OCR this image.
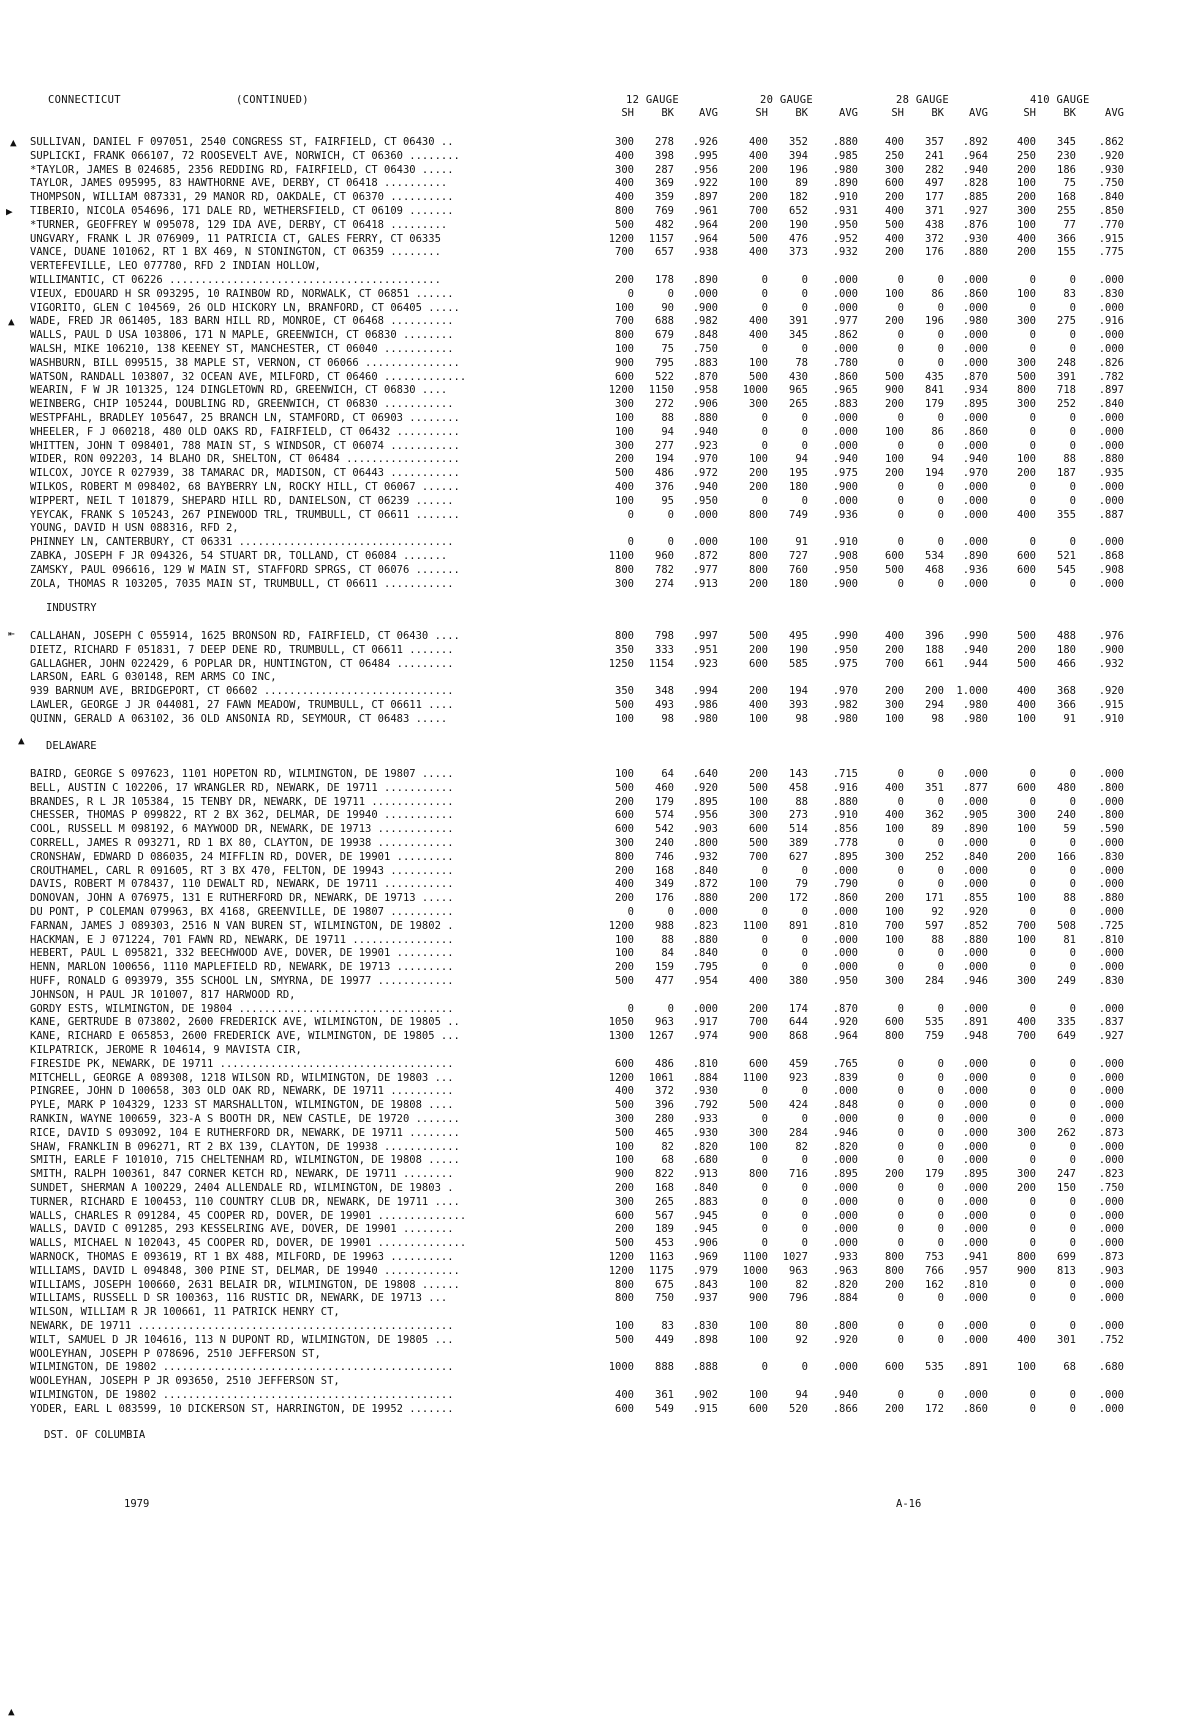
CONNECTICUT	(CONTINUED)	12 GAUGE	20 GAUGE	28 GAUGE	410 GAUGE
SH	BK	AVG	SH	BK	AVG	SH	BK	AVG	SH	BK	AVG
SULLIVAN, DANIEL F 097051, 2540 CONGRESS ST, FAIRFIELD, CT 06430 ..	300	278	.926	400	352	.880	400	357	.892	400	345	.862
SUPLICKI, FRANK 066107, 72 ROOSEVELT AVE, NORWICH, CT 06360 ........	400	398	.995	400	394	.985	250	241	.964	250	230	.920
*TAYLOR, JAMES B 024685, 2356 REDDING RD, FAIRFIELD, CT 06430 .....	300	287	.956	200	196	.980	300	282	.940	200	186	.930
TAYLOR, JAMES 095995, 83 HAWTHORNE AVE, DERBY, CT 06418 ..........	400	369	.922	100	89	.890	600	497	.828	100	75	.750
THOMPSON, WILLIAM 087331, 29 MANOR RD, OAKDALE, CT 06370 ..........	400	359	.897	200	182	.910	200	177	.885	200	168	.840
TIBERIO, NICOLA 054696, 171 DALE RD, WETHERSFIELD, CT 06109 .......	800	769	.961	700	652	.931	400	371	.927	300	255	.850
*TURNER, GEOFFREY W 095078, 129 IDA AVE, DERBY, CT 06418 .........	500	482	.964	200	190	.950	500	438	.876	100	77	.770
UNGVARY, FRANK L JR 076909, 11 PATRICIA CT, GALES FERRY, CT 06335	1200	1157	.964	500	476	.952	400	372	.930	400	366	.915
VANCE, DUANE 101062, RT 1 BX 469, N STONINGTON, CT 06359 ........	700	657	.938	400	373	.932	200	176	.880	200	155	.775
VERTEFEVILLE, LEO 077780, RFD 2 INDIAN HOLLOW,
WILLIMANTIC, CT 06226 ...........................................	200	178	.890	0	0	.000	0	0	.000	0	0	.000
VIEUX, EDOUARD H SR 093295, 10 RAINBOW RD, NORWALK, CT 06851 ......	0	0	.000	0	0	.000	100	86	.860	100	83	.830
VIGORITO, GLEN C 104569, 26 OLD HICKORY LN, BRANFORD, CT 06405 .....	100	90	.900	0	0	.000	0	0	.000	0	0	.000
WADE, FRED JR 061405, 183 BARN HILL RD, MONROE, CT 06468 ..........	700	688	.982	400	391	.977	200	196	.980	300	275	.916
WALLS, PAUL D USA 103806, 171 N MAPLE, GREENWICH, CT 06830 ........	800	679	.848	400	345	.862	0	0	.000	0	0	.000
WALSH, MIKE 106210, 138 KEENEY ST, MANCHESTER, CT 06040 ...........	100	75	.750	0	0	.000	0	0	.000	0	0	.000
WASHBURN, BILL 099515, 38 MAPLE ST, VERNON, CT 06066 ...............	900	795	.883	100	78	.780	0	0	.000	300	248	.826
WATSON, RANDALL 103807, 32 OCEAN AVE, MILFORD, CT 06460 .............	600	522	.870	500	430	.860	500	435	.870	500	391	.782
WEARIN, F W JR 101325, 124 DINGLETOWN RD, GREENWICH, CT 06830 ....	1200	1150	.958	1000	965	.965	900	841	.934	800	718	.897
WEINBERG, CHIP 105244, DOUBLING RD, GREENWICH, CT 06830 ...........	300	272	.906	300	265	.883	200	179	.895	300	252	.840
WESTPFAHL, BRADLEY 105647, 25 BRANCH LN, STAMFORD, CT 06903 ........	100	88	.880	0	0	.000	0	0	.000	0	0	.000
WHEELER, F J 060218, 480 OLD OAKS RD, FAIRFIELD, CT 06432 ..........	100	94	.940	0	0	.000	100	86	.860	0	0	.000
WHITTEN, JOHN T 098401, 788 MAIN ST, S WINDSOR, CT 06074 ...........	300	277	.923	0	0	.000	0	0	.000	0	0	.000
WIDER, RON 092203, 14 BLAHO DR, SHELTON, CT 06484 ..................	200	194	.970	100	94	.940	100	94	.940	100	88	.880
WILCOX, JOYCE R 027939, 38 TAMARAC DR, MADISON, CT 06443 ...........	500	486	.972	200	195	.975	200	194	.970	200	187	.935
WILKOS, ROBERT M 098402, 68 BAYBERRY LN, ROCKY HILL, CT 06067 ......	400	376	.940	200	180	.900	0	0	.000	0	0	.000
WIPPERT, NEIL T 101879, SHEPARD HILL RD, DANIELSON, CT 06239 ......	100	95	.950	0	0	.000	0	0	.000	0	0	.000
YEYCAK, FRANK S 105243, 267 PINEWOOD TRL, TRUMBULL, CT 06611 .......	0	0	.000	800	749	.936	0	0	.000	400	355	.887
YOUNG, DAVID H USN 088316, RFD 2,
PHINNEY LN, CANTERBURY, CT 06331 ..................................	0	0	.000	100	91	.910	0	0	.000	0	0	.000
ZABKA, JOSEPH F JR 094326, 54 STUART DR, TOLLAND, CT 06084 .......	1100	960	.872	800	727	.908	600	534	.890	600	521	.868
ZAMSKY, PAUL 096616, 129 W MAIN ST, STAFFORD SPRGS, CT 06076 .......	800	782	.977	800	760	.950	500	468	.936	600	545	.908
ZOLA, THOMAS R 103205, 7035 MAIN ST, TRUMBULL, CT 06611 ...........	300	274	.913	200	180	.900	0	0	.000	0	0	.000
INDUSTRY
CALLAHAN, JOSEPH C 055914, 1625 BRONSON RD, FAIRFIELD, CT 06430 ....	800	798	.997	500	495	.990	400	396	.990	500	488	.976
DIETZ, RICHARD F 051831, 7 DEEP DENE RD, TRUMBULL, CT 06611 .......	350	333	.951	200	190	.950	200	188	.940	200	180	.900
GALLAGHER, JOHN 022429, 6 POPLAR DR, HUNTINGTON, CT 06484 .........	1250	1154	.923	600	585	.975	700	661	.944	500	466	.932
LARSON, EARL G 030148, REM ARMS CO INC,
939 BARNUM AVE, BRIDGEPORT, CT 06602 ..............................	350	348	.994	200	194	.970	200	200	1.000	400	368	.920
LAWLER, GEORGE J JR 044081, 27 FAWN MEADOW, TRUMBULL, CT 06611 ....	500	493	.986	400	393	.982	300	294	.980	400	366	.915
QUINN, GERALD A 063102, 36 OLD ANSONIA RD, SEYMOUR, CT 06483 .....	100	98	.980	100	98	.980	100	98	.980	100	91	.910
DELAWARE
BAIRD, GEORGE S 097623, 1101 HOPETON RD, WILMINGTON, DE 19807 .....	100	64	.640	200	143	.715	0	0	.000	0	0	.000
BELL, AUSTIN C 102206, 17 WRANGLER RD, NEWARK, DE 19711 ...........	500	460	.920	500	458	.916	400	351	.877	600	480	.800
BRANDES, R L JR 105384, 15 TENBY DR, NEWARK, DE 19711 .............	200	179	.895	100	88	.880	0	0	.000	0	0	.000
CHESSER, THOMAS P 099822, RT 2 BX 362, DELMAR, DE 19940 ...........	600	574	.956	300	273	.910	400	362	.905	300	240	.800
COOL, RUSSELL M 098192, 6 MAYWOOD DR, NEWARK, DE 19713 ............	600	542	.903	600	514	.856	100	89	.890	100	59	.590
CORRELL, JAMES R 093271, RD 1 BX 80, CLAYTON, DE 19938 ............	300	240	.800	500	389	.778	0	0	.000	0	0	.000
CRONSHAW, EDWARD D 086035, 24 MIFFLIN RD, DOVER, DE 19901 .........	800	746	.932	700	627	.895	300	252	.840	200	166	.830
CROUTHAMEL, CARL R 091605, RT 3 BX 470, FELTON, DE 19943 ..........	200	168	.840	0	0	.000	0	0	.000	0	0	.000
DAVIS, ROBERT M 078437, 110 DEWALT RD, NEWARK, DE 19711 ...........	400	349	.872	100	79	.790	0	0	.000	0	0	.000
DONOVAN, JOHN A 076975, 131 E RUTHERFORD DR, NEWARK, DE 19713 .....	200	176	.880	200	172	.860	200	171	.855	100	88	.880
DU PONT, P COLEMAN 079963, BX 4168, GREENVILLE, DE 19807 ..........	0	0	.000	0	0	.000	100	92	.920	0	0	.000
FARNAN, JAMES J 089303, 2516 N VAN BUREN ST, WILMINGTON, DE 19802 .	1200	988	.823	1100	891	.810	700	597	.852	700	508	.725
HACKMAN, E J 071224, 701 FAWN RD, NEWARK, DE 19711 ................	100	88	.880	0	0	.000	100	88	.880	100	81	.810
HEBERT, PAUL L 095821, 332 BEECHWOOD AVE, DOVER, DE 19901 .........	100	84	.840	0	0	.000	0	0	.000	0	0	.000
HENN, MARLON 100656, 1110 MAPLEFIELD RD, NEWARK, DE 19713 .........	200	159	.795	0	0	.000	0	0	.000	0	0	.000
HUFF, RONALD G 093979, 355 SCHOOL LN, SMYRNA, DE 19977 ............	500	477	.954	400	380	.950	300	284	.946	300	249	.830
JOHNSON, H PAUL JR 101007, 817 HARWOOD RD,
GORDY ESTS, WILMINGTON, DE 19804 ..................................	0	0	.000	200	174	.870	0	0	.000	0	0	.000
KANE, GERTRUDE B 073802, 2600 FREDERICK AVE, WILMINGTON, DE 19805 ..	1050	963	.917	700	644	.920	600	535	.891	400	335	.837
KANE, RICHARD E 065853, 2600 FREDERICK AVE, WILMINGTON, DE 19805 ...	1300	1267	.974	900	868	.964	800	759	.948	700	649	.927
KILPATRICK, JEROME R 104614, 9 MAVISTA CIR,
FIRESIDE PK, NEWARK, DE 19711 .....................................	600	486	.810	600	459	.765	0	0	.000	0	0	.000
MITCHELL, GEORGE A 089308, 1218 WILSON RD, WILMINGTON, DE 19803 ...	1200	1061	.884	1100	923	.839	0	0	.000	0	0	.000
PINGREE, JOHN D 100658, 303 OLD OAK RD, NEWARK, DE 19711 ..........	400	372	.930	0	0	.000	0	0	.000	0	0	.000
PYLE, MARK P 104329, 1233 ST MARSHALLTON, WILMINGTON, DE 19808 ....	500	396	.792	500	424	.848	0	0	.000	0	0	.000
RANKIN, WAYNE 100659, 323-A S BOOTH DR, NEW CASTLE, DE 19720 .......	300	280	.933	0	0	.000	0	0	.000	0	0	.000
RICE, DAVID S 093092, 104 E RUTHERFORD DR, NEWARK, DE 19711 ........	500	465	.930	300	284	.946	0	0	.000	300	262	.873
SHAW, FRANKLIN B 096271, RT 2 BX 139, CLAYTON, DE 19938 ............	100	82	.820	100	82	.820	0	0	.000	0	0	.000
SMITH, EARLE F 101010, 715 CHELTENHAM RD, WILMINGTON, DE 19808 .....	100	68	.680	0	0	.000	0	0	.000	0	0	.000
SMITH, RALPH 100361, 847 CORNER KETCH RD, NEWARK, DE 19711 ........	900	822	.913	800	716	.895	200	179	.895	300	247	.823
SUNDET, SHERMAN A 100229, 2404 ALLENDALE RD, WILMINGTON, DE 19803 .	200	168	.840	0	0	.000	0	0	.000	200	150	.750
TURNER, RICHARD E 100453, 110 COUNTRY CLUB DR, NEWARK, DE 19711 ....	300	265	.883	0	0	.000	0	0	.000	0	0	.000
WALLS, CHARLES R 091284, 45 COOPER RD, DOVER, DE 19901 ..............	600	567	.945	0	0	.000	0	0	.000	0	0	.000
WALLS, DAVID C 091285, 293 KESSELRING AVE, DOVER, DE 19901 ........	200	189	.945	0	0	.000	0	0	.000	0	0	.000
WALLS, MICHAEL N 102043, 45 COOPER RD, DOVER, DE 19901 ..............	500	453	.906	0	0	.000	0	0	.000	0	0	.000
WARNOCK, THOMAS E 093619, RT 1 BX 488, MILFORD, DE 19963 ..........	1200	1163	.969	1100	1027	.933	800	753	.941	800	699	.873
WILLIAMS, DAVID L 094848, 300 PINE ST, DELMAR, DE 19940 ............	1200	1175	.979	1000	963	.963	800	766	.957	900	813	.903
WILLIAMS, JOSEPH 100660, 2631 BELAIR DR, WILMINGTON, DE 19808 ......	800	675	.843	100	82	.820	200	162	.810	0	0	.000
WILLIAMS, RUSSELL D SR 100363, 116 RUSTIC DR, NEWARK, DE 19713 ...	800	750	.937	900	796	.884	0	0	.000	0	0	.000
WILSON, WILLIAM R JR 100661, 11 PATRICK HENRY CT,
NEWARK, DE 19711 ..................................................	100	83	.830	100	80	.800	0	0	.000	0	0	.000
WILT, SAMUEL D JR 104616, 113 N DUPONT RD, WILMINGTON, DE 19805 ...	500	449	.898	100	92	.920	0	0	.000	400	301	.752
WOOLEYHAN, JOSEPH P 078696, 2510 JEFFERSON ST,
WILMINGTON, DE 19802 ..............................................	1000	888	.888	0	0	.000	600	535	.891	100	68	.680
WOOLEYHAN, JOSEPH P JR 093650, 2510 JEFFERSON ST,
WILMINGTON, DE 19802 ..............................................	400	361	.902	100	94	.940	0	0	.000	0	0	.000
YODER, EARL L 083599, 10 DICKERSON ST, HARRINGTON, DE 19952 .......	600	549	.915	600	520	.866	200	172	.860	0	0	.000
DST. OF COLUMBIA
1979	A-16
▲
▶
▲
⇤
▲
▲
